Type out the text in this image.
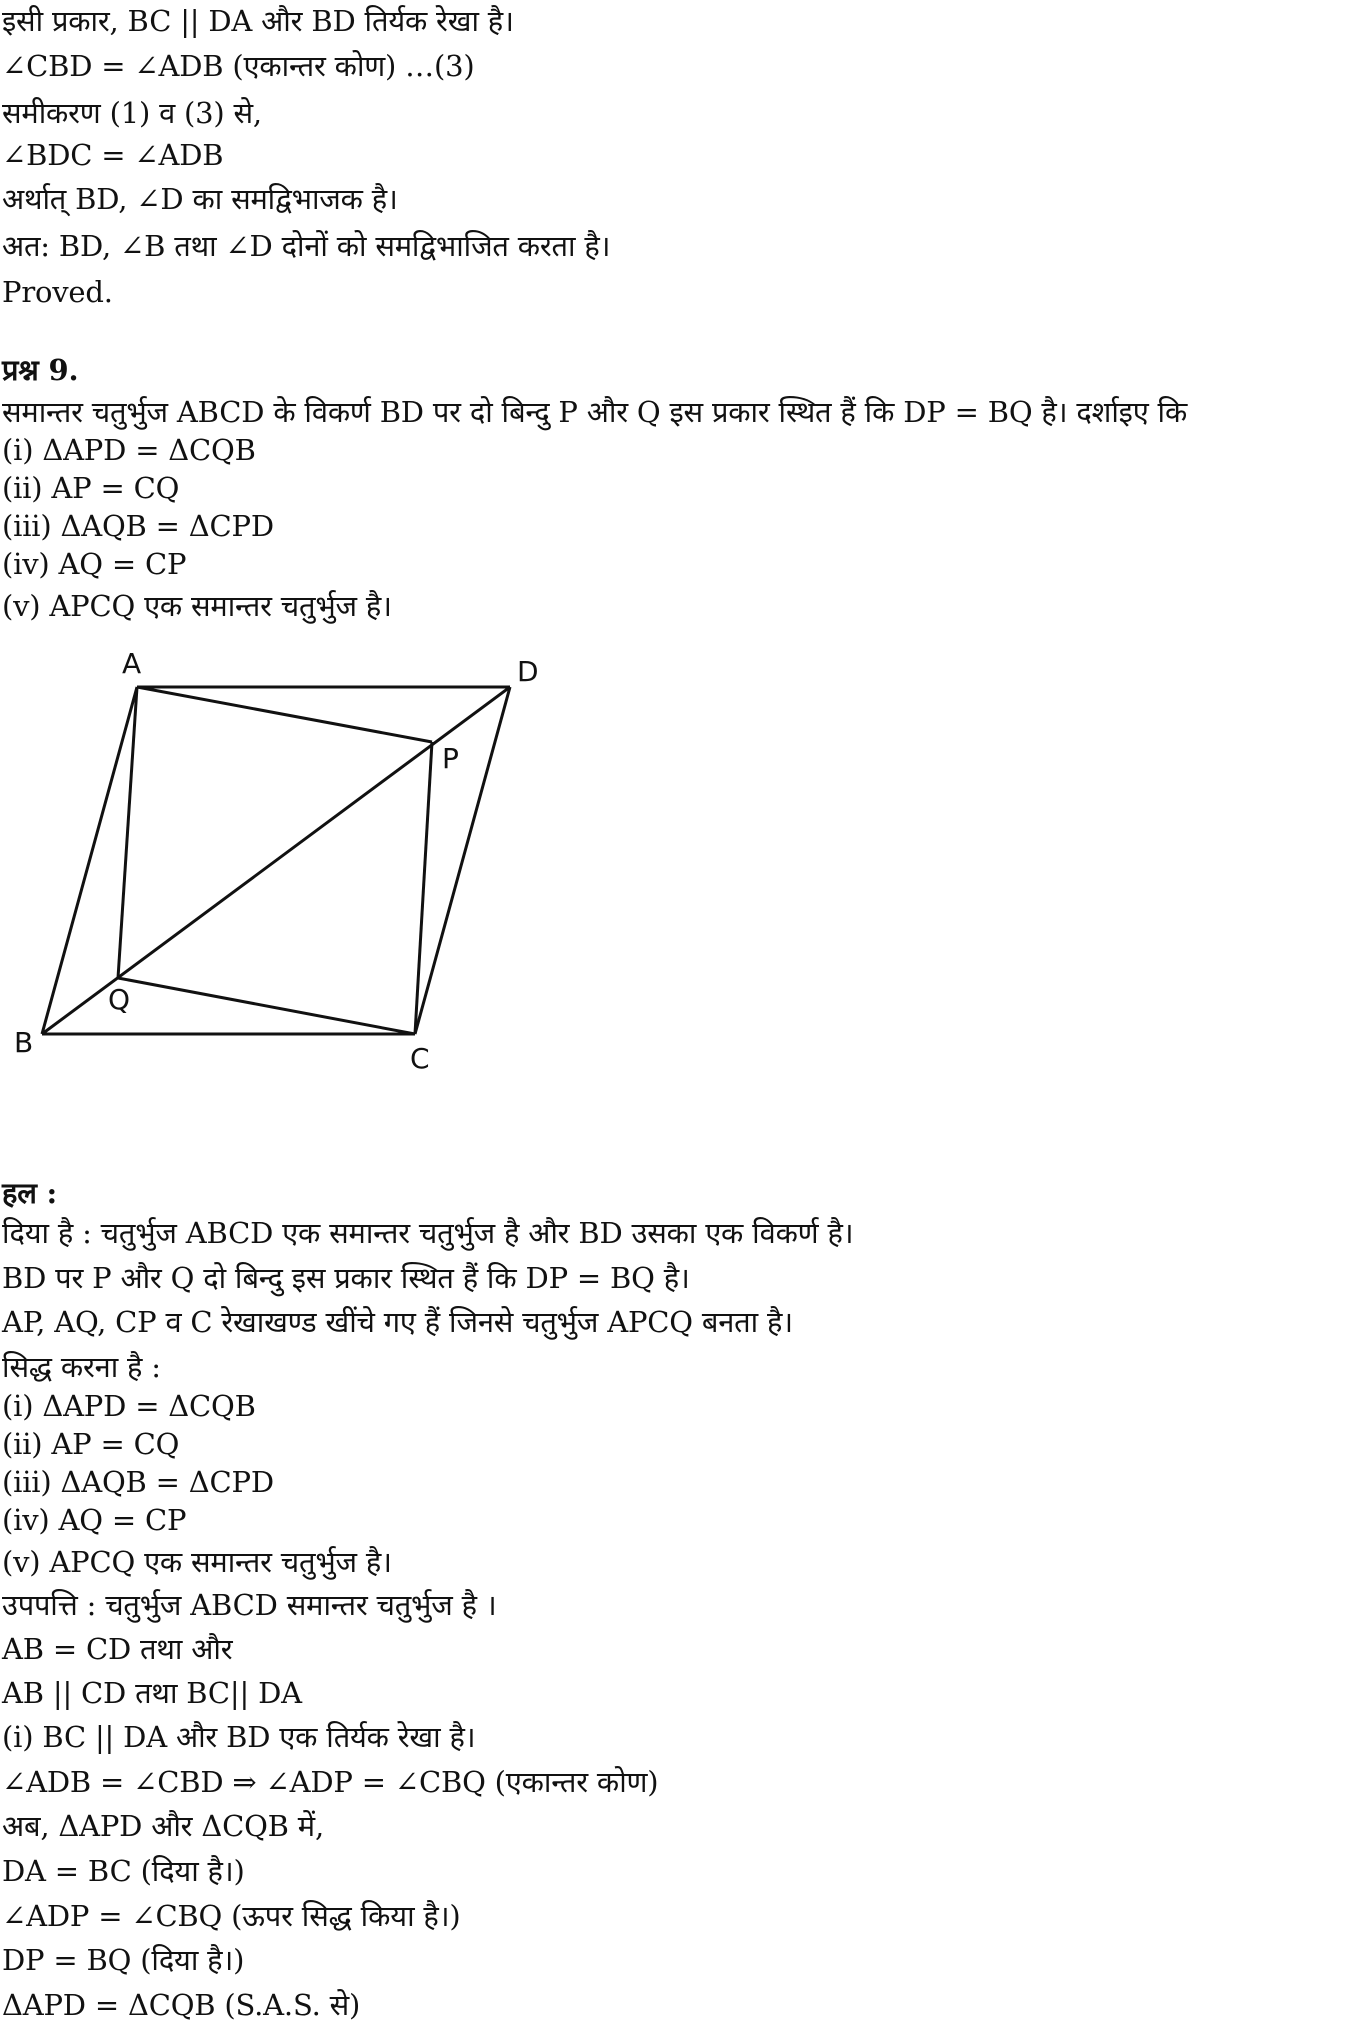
इसी प्रकार, BC || DA और BD तिर्यक रेखा है।
∠CBD = ∠ADB (एकान्तर कोण) …(3)
समीकरण (1) व (3) से,
∠BDC = ∠ADB
अर्थात् BD, ∠D का समद्विभाजक है।
अत: BD, ∠B तथा ∠D दोनों को समद्विभाजित करता है।
Proved.
प्रश्न 9.
समान्तर चतुर्भुज ABCD के विकर्ण BD पर दो बिन्दु P और Q इस प्रकार स्थित हैं कि DP = BQ है। दर्शाइए कि
(i) ΔAPD = ΔCQB
(ii) AP = CQ
(iii) ΔAQB = ΔCPD
(iv) AQ = CP
(v) APCQ एक समान्तर चतुर्भुज है।
A	D
P
Q
B	C
हल :
दिया है : चतुर्भुज ABCD एक समान्तर चतुर्भुज है और BD उसका एक विकर्ण है।
BD पर P और Q दो बिन्दु इस प्रकार स्थित हैं कि DP = BQ है।
AP, AQ, CP व C रेखाखण्ड खींचे गए हैं जिनसे चतुर्भुज APCQ बनता है।
सिद्ध करना है :
(i) ΔAPD = ΔCQB
(ii) AP = CQ
(iii) ΔAQB = ΔCPD
(iv) AQ = CP
(v) APCQ एक समान्तर चतुर्भुज है।
उपपत्ति : चतुर्भुज ABCD समान्तर चतुर्भुज है ।
AB = CD तथा और
AB || CD तथा BC|| DA
(i) BC || DA और BD एक तिर्यक रेखा है।
∠ADB = ∠CBD ⇒ ∠ADP = ∠CBQ (एकान्तर कोण)
अब, ΔAPD और ΔCQB में,
DA = BC (दिया है।)
∠ADP = ∠CBQ (ऊपर सिद्ध किया है।)
DP = BQ (दिया है।)
ΔAPD = ΔCQB (S.A.S. से)
